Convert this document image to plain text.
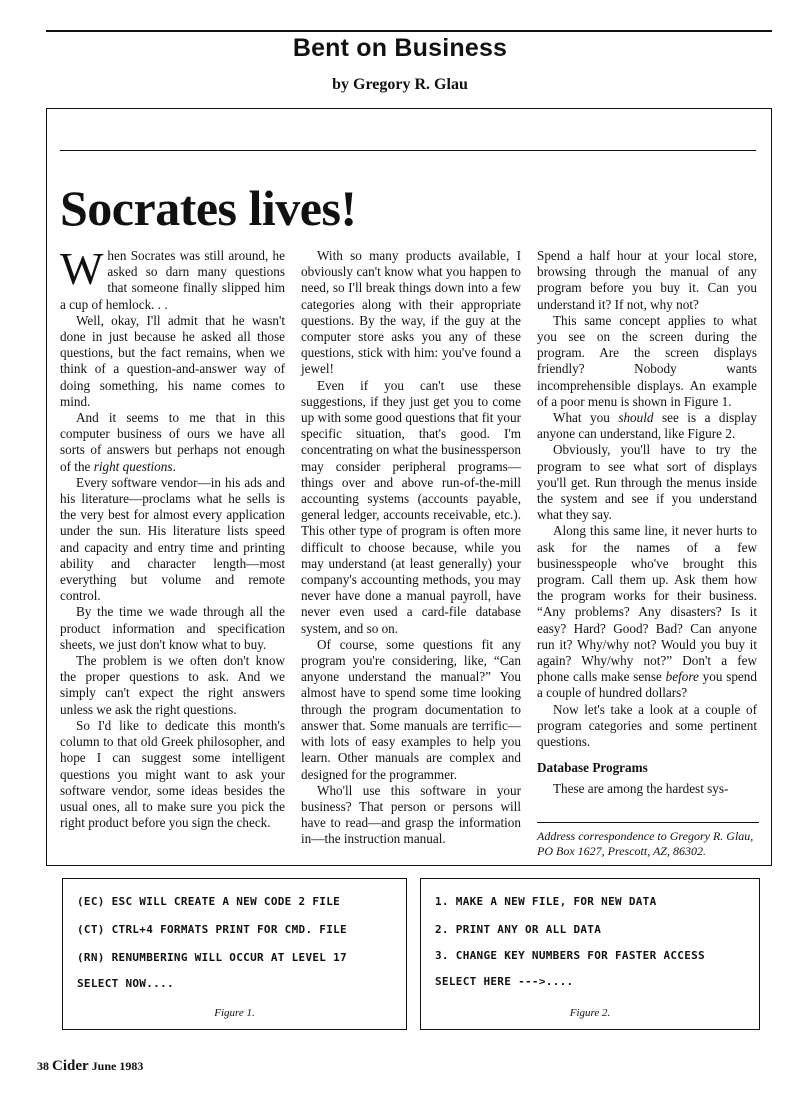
Bent on Business
by Gregory R. Glau
Socrates lives!

When Socrates was still around, he asked so darn many questions that someone finally slipped him a cup of hemlock. . .

Well, okay, I'll admit that he wasn't done in just because he asked all those questions, but the fact remains, when we think of a question-and-answer way of doing something, his name comes to mind.

And it seems to me that in this computer business of ours we have all sorts of answers but perhaps not enough of the right questions.

Every software vendor—in his ads and his literature—proclams what he sells is the very best for almost every application under the sun. His literature lists speed and capacity and entry time and printing ability and character length—most everything but volume and remote control.

By the time we wade through all the product information and specification sheets, we just don't know what to buy.

The problem is we often don't know the proper questions to ask. And we simply can't expect the right answers unless we ask the right questions.

So I'd like to dedicate this month's column to that old Greek philosopher, and hope I can suggest some intelligent questions you might want to ask your software vendor, some ideas besides the usual ones, all to make sure you pick the right product before you sign the check.

With so many products available, I obviously can't know what you happen to need, so I'll break things down into a few categories along with their appropriate questions. By the way, if the guy at the computer store asks you any of these questions, stick with him: you've found a jewel!

Even if you can't use these suggestions, if they just get you to come up with some good questions that fit your specific situation, that's good. I'm concentrating on what the businessperson may consider peripheral programs—things over and above run-of-the-mill accounting systems (accounts payable, general ledger, accounts receivable, etc.). This other type of program is often more difficult to choose because, while you may understand (at least generally) your company's accounting methods, you may never have done a manual payroll, have never even used a card-file database system, and so on.

Of course, some questions fit any program you're considering, like, “Can anyone understand the manual?” You almost have to spend some time looking through the program documentation to answer that. Some manuals are terrific—with lots of easy examples to help you learn. Other manuals are complex and designed for the programmer.

Who'll use this software in your business? That person or persons will have to read—and grasp the information in—the instruction manual.

Spend a half hour at your local store, browsing through the manual of any program before you buy it. Can you understand it? If not, why not?

This same concept applies to what you see on the screen during the program. Are the screen displays friendly? Nobody wants incomprehensible displays. An example of a poor menu is shown in Figure 1.

What you should see is a display anyone can understand, like Figure 2.

Obviously, you'll have to try the program to see what sort of displays you'll get. Run through the menus inside the system and see if you understand what they say.

Along this same line, it never hurts to ask for the names of a few businesspeople who've brought this program. Call them up. Ask them how the program works for their business. “Any problems? Any disasters? Is it easy? Hard? Good? Bad? Can anyone run it? Why/why not? Would you buy it again? Why/why not?” Don't a few phone calls make sense before you spend a couple of hundred dollars?

Now let's take a look at a couple of program categories and some pertinent questions.

Database Programs

These are among the hardest sys-

Address correspondence to Gregory R. Glau, PO Box 1627, Prescott, AZ, 86302.
Figure 1.
(EC) ESC WILL CREATE A NEW CODE 2 FILE
(CT) CTRL+4 FORMATS PRINT FOR CMD. FILE
(RN) RENUMBERING WILL OCCUR AT LEVEL 17
SELECT NOW....
Figure 2.
1. MAKE A NEW FILE, FOR NEW DATA
2. PRINT ANY OR ALL DATA
3. CHANGE KEY NUMBERS FOR FASTER ACCESS
SELECT HERE --->....
38 Cider June 1983
